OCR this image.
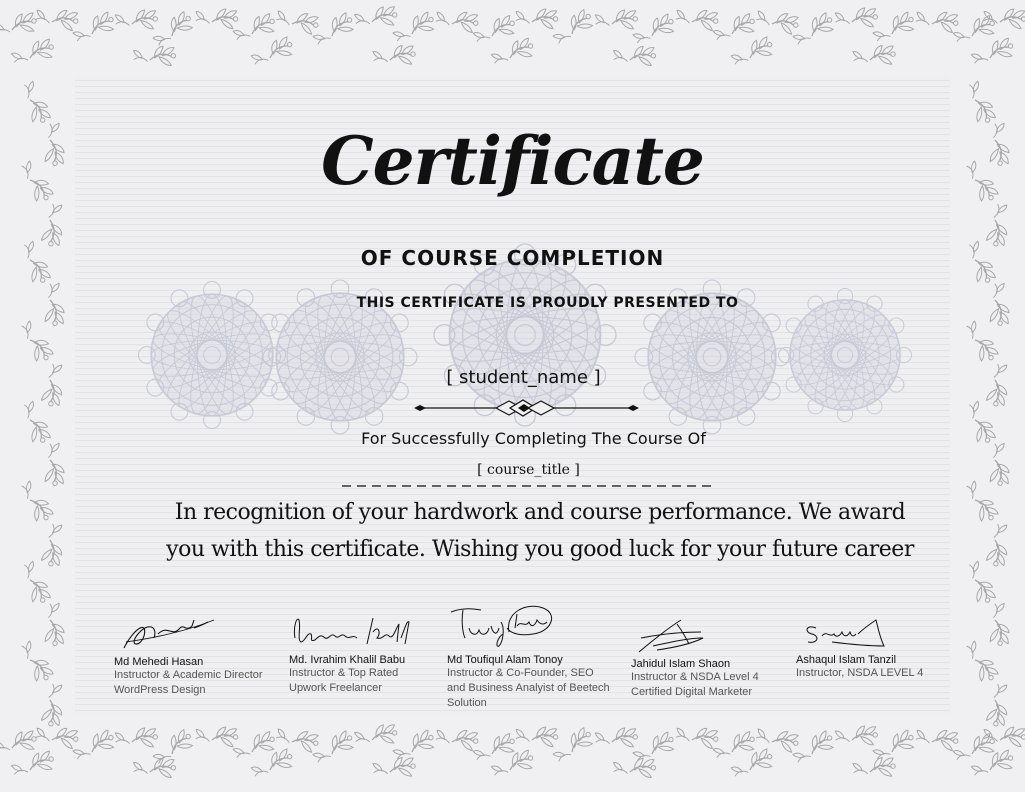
Certificate
OF COURSE COMPLETION
THIS CERTIFICATE IS PROUDLY PRESENTED TO
[ student_name ]
For Successfully Completing The Course Of
[ course_title ]
In recognition of your hardwork and course performance. We award you with this certificate. Wishing you good luck for your future career
Md Mehedi Hasan
Instructor & Academic Director
WordPress Design
Md. Ivrahim Khalil Babu
Instructor & Top Rated
Upwork Freelancer
Md Toufiqul Alam Tonoy
Instructor & Co-Founder, SEO
and Business Analyist of Beetech
Solution
Jahidul Islam Shaon
Instructor & NSDA Level 4
Certified Digital Marketer
Ashaqul Islam Tanzil
Instructor, NSDA LEVEL 4
